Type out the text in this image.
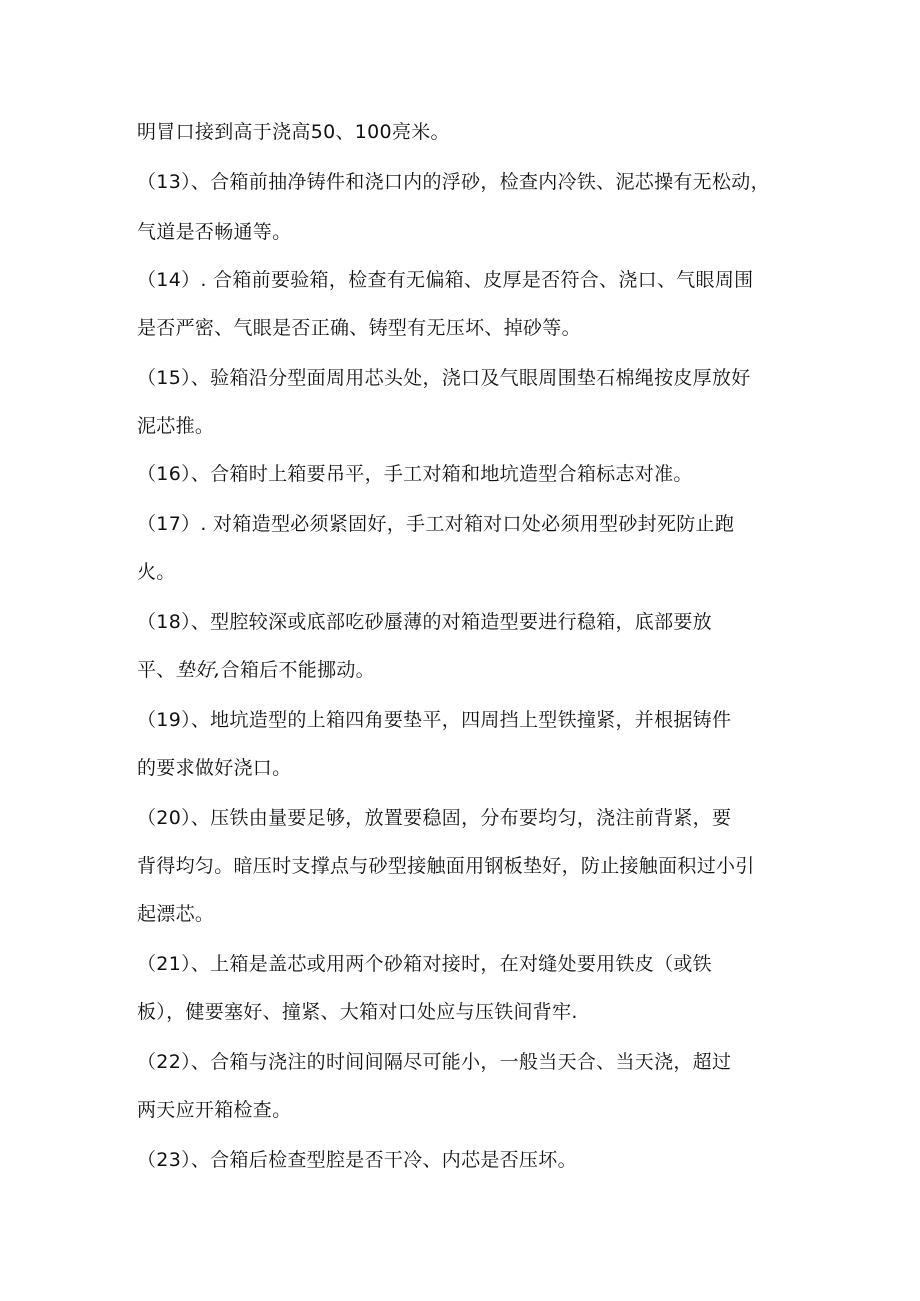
明冒口接到高于浇高50、100亮米。
（13）、合箱前抽净铸件和浇口内的浮砂，检查内冷铁、泥芯操有无松动，
气道是否畅通等。
（14）. 合箱前要验箱，检查有无偏箱、皮厚是否符合、浇口、气眼周围
是否严密、气眼是否正确、铸型有无压坏、掉砂等。
（15）、验箱沿分型面周用芯头处，浇口及气眼周围垫石棉绳按皮厚放好
泥芯推。
（16）、合箱时上箱要吊平，手工对箱和地坑造型合箱标志对准。
（17）. 对箱造型必须紧固好，手工对箱对口处必须用型砂封死防止跑
火。
（18）、型腔较深或底部吃砂蜃薄的对箱造型要进行稳箱，底部要放
平、垫好,合箱后不能挪动。
（19）、地坑造型的上箱四角要垫平，四周挡上型铁撞紧，并根据铸件
的要求做好浇口。
（20）、压铁由量要足够，放置要稳固，分布要均匀，浇注前背紧，要
背得均匀。暗压时支撑点与砂型接触面用钢板垫好，防止接触面积过小引
起漂芯。
（21）、上箱是盖芯或用两个砂箱对接时，在对缝处要用铁皮（或铁
板），健要塞好、撞紧、大箱对口处应与压铁间背牢.
（22）、合箱与浇注的时间间隔尽可能小，一般当天合、当天浇，超过
两天应开箱检查。
（23）、合箱后检查型腔是否干冷、内芯是否压坏。
